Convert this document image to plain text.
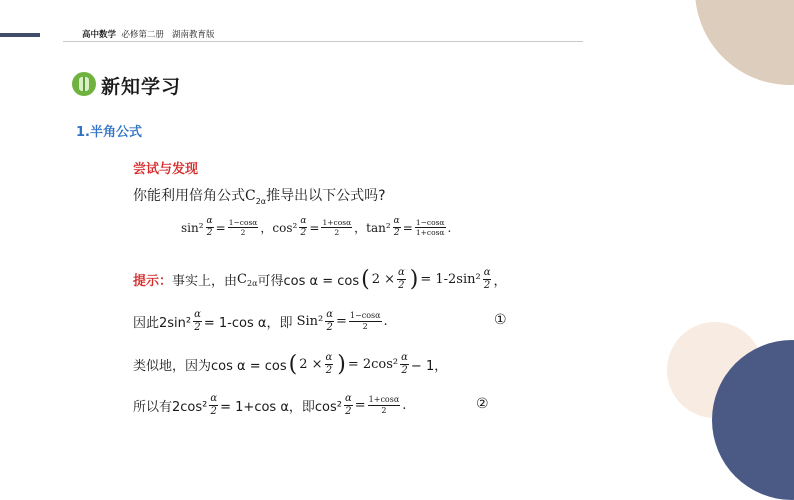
高中数学  必修第二册   湖南教育版
新知学习
1.半角公式
尝试与发现
你能利用倍角公式$C_{2\alpha}$推导出以下公式吗?
$\sin^2 \frac{\alpha}{2} = \frac{1-\cos\alpha}{2}$ ， $\cos^2 \frac{\alpha}{2} = \frac{1+\cos\alpha}{2}$ ， $\tan^2 \frac{\alpha}{2} = \frac{1-\cos\alpha}{1+\cos\alpha}$ .
提示： 事实上，由 C 2α 可得cos α = cos ( $2 \times \frac{\alpha}{2}$ ) = $1-2\sin^2 \frac{\alpha}{2}$ ，
因此$2\sin^2 \frac{\alpha}{2} = 1-\cos$ α，即
$Sin^2 \frac{\alpha}{2} = \frac{1-\cos\alpha}{2}$ .	①
类似地，因为cos α = cos ( $2 \times \frac{\alpha}{2}$ ) = $2\cos^2 \frac{\alpha}{2} - 1$，
所以有$2\cos^2 \frac{\alpha}{2} = 1+\cos$ α，即$\cos^2 \frac{\alpha}{2} = \frac{1+\cos\alpha}{2}$ .	②
